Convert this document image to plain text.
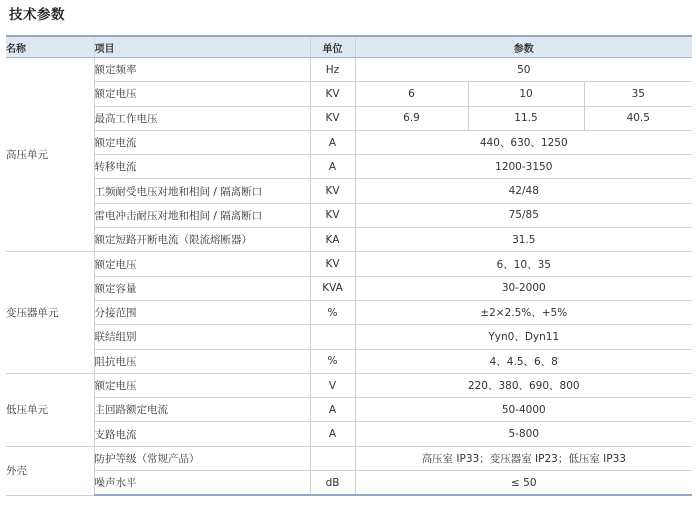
技术参数
名称	项目	单位	参数		
高压单元	额定频率	Hz	50		
	额定电压	KV	6	10	35
	最高工作电压	KV	6.9	11.5	40.5
	额定电流	A	440、630、1250		
	转移电流	A	1200-3150		
	工频耐受电压对地和相间 / 隔离断口	KV	42/48		
	雷电冲击耐压对地和相间 / 隔离断口	KV	75/85		
	额定短路开断电流（限流熔断器）	KA	31.5		
变压器单元	额定电压	KV	6、10、35		
	额定容量	KVA	30-2000		
	分接范围	%	±2×2.5%、+5%		
	联结组别		Yyn0、Dyn11		
	阻抗电压	%	4、4.5、6、8		
低压单元	额定电压	V	220、380、690、800		
	主回路额定电流	A	50-4000		
	支路电流	A	5-800		
外壳	防护等级（常规产品）		高压室 IP33；变压器室 IP23；低压室 IP33		
	噪声水平	dB	≤ 50		
